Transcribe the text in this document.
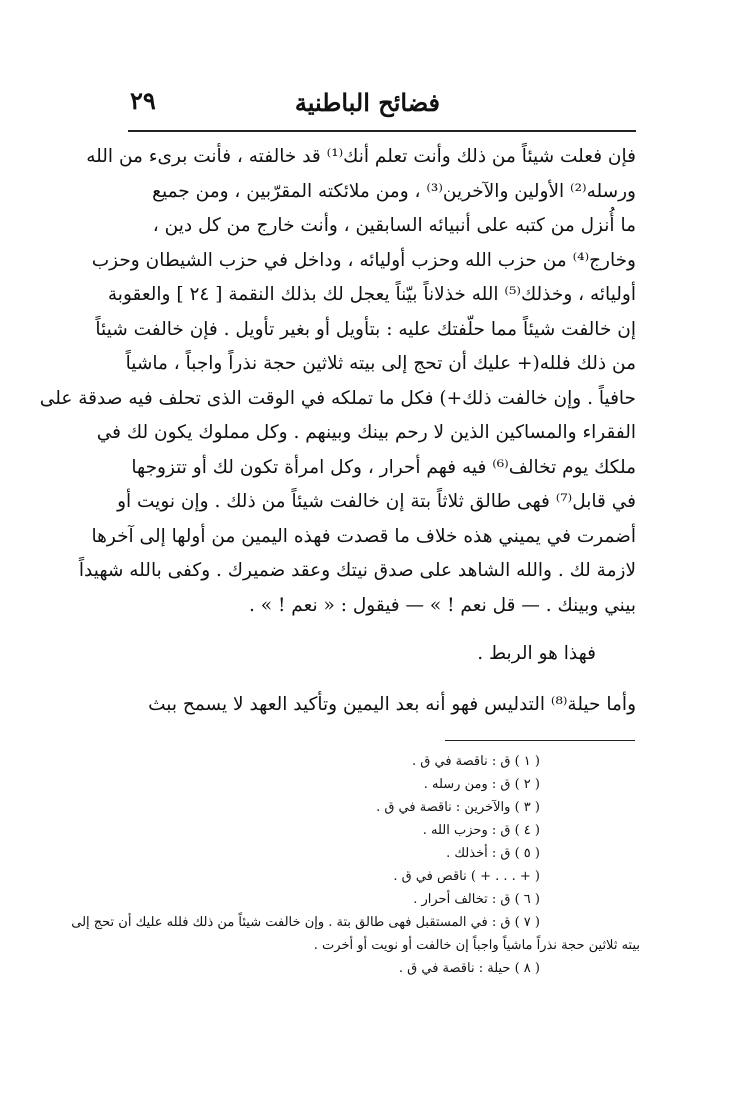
فضائح الباطنية
٢٩
فإن فعلت شيئاً من ذلك وأنت تعلم أنك⁽¹⁾ قد خالفته ، فأنت برىء من الله
ورسله⁽²⁾ الأولين والآخرين⁽³⁾ ، ومن ملائكته المقرّبين ، ومن جميع
ما أُنزل من كتبه على أنبيائه السابقين ، وأنت خارج من كل دين ،
وخارج⁽⁴⁾ من حزب الله وحزب أوليائه ، وداخل في حزب الشيطان وحزب
أوليائه ، وخذلك⁽⁵⁾ الله خذلاناً بيّناً يعجل لك بذلك النقمة [ ٢٤ ] والعقوبة
إن خالفت شيئاً مما حلّفتك عليه : بتأويل أو بغير تأويل . فإن خالفت شيئاً
من ذلك فلله(+ عليك أن تحج إلى بيته ثلاثين حجة نذراً واجباً ، ماشياً
حافياً . وإن خالفت ذلك+) فكل ما تملكه في الوقت الذى تحلف فيه صدقة على
الفقراء والمساكين الذين لا رحم بينك وبينهم . وكل مملوك يكون لك في
ملكك يوم تخالف⁽⁶⁾ فيه فهم أحرار ، وكل امرأة تكون لك أو تتزوجها
في قابل⁽⁷⁾ فهى طالق ثلاثاً بتة إن خالفت شيئاً من ذلك . وإن نويت أو
أضمرت في يميني هذه خلاف ما قصدت فهذه اليمين من أولها إلى آخرها
لازمة لك . والله الشاهد على صدق نيتك وعقد ضميرك . وكفى بالله شهيداً
بيني وبينك . — قل نعم ! » — فيقول : « نعم ! » .
فهذا هو الربط .
وأما حيلة⁽⁸⁾ التدليس فهو أنه بعد اليمين وتأكيد العهد لا يسمح ببث
( ١ ) ق : ناقصة في ق .
( ٢ ) ق : ومن رسله .
( ٣ ) والآخرين : ناقصة في ق .
( ٤ ) ق : وحزب الله .
( ٥ ) ق : أخذلك .
( + . . . + ) ناقص في ق .
( ٦ ) ق : تخالف أحرار .
( ٧ ) ق : في المستقبل فهى طالق بتة . وإن خالفت شيئاً من ذلك فلله عليك أن تحج إلى
بيته ثلاثين حجة نذراً ماشياً واجباً إن خالفت أو نويت أو أخرت .
( ٨ ) حيلة : ناقصة في ق .
